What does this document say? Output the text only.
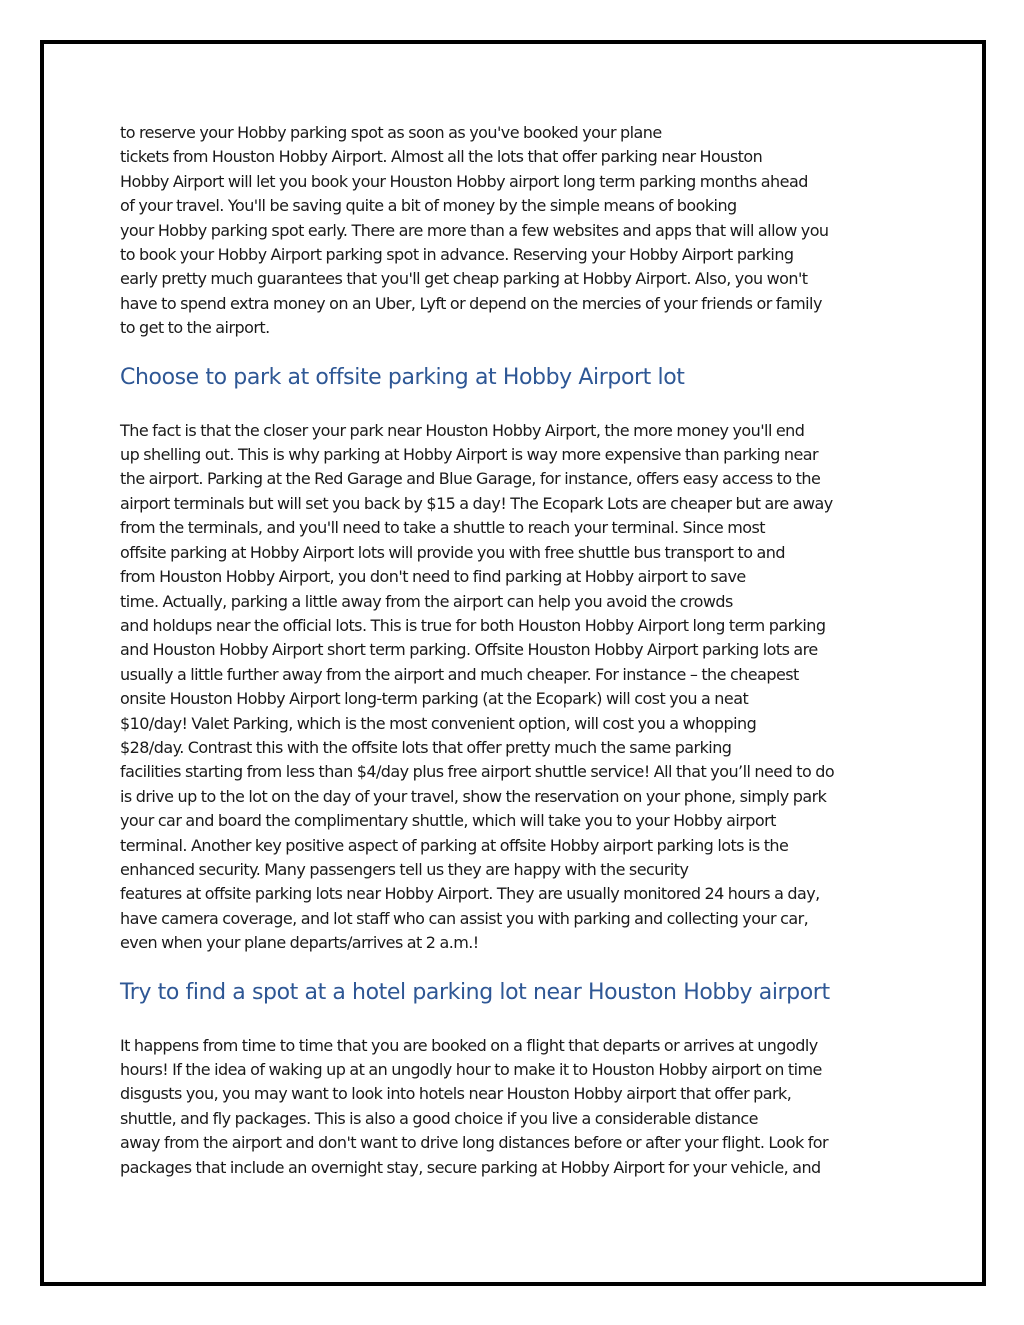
to reserve your Hobby parking spot as soon as you've booked your plane
tickets from Houston Hobby Airport. Almost all the lots that offer parking near Houston
Hobby Airport will let you book your Houston Hobby airport long term parking months ahead
of your travel. You'll be saving quite a bit of money by the simple means of booking
your Hobby parking spot early. There are more than a few websites and apps that will allow you
to book your Hobby Airport parking spot in advance. Reserving your Hobby Airport parking
early pretty much guarantees that you'll get cheap parking at Hobby Airport. Also, you won't
have to spend extra money on an Uber, Lyft or depend on the mercies of your friends or family
to get to the airport.

Choose to park at offsite parking at Hobby Airport lot

The fact is that the closer your park near Houston Hobby Airport, the more money you'll end
up shelling out. This is why parking at Hobby Airport is way more expensive than parking near
the airport. Parking at the Red Garage and Blue Garage, for instance, offers easy access to the
airport terminals but will set you back by $15 a day! The Ecopark Lots are cheaper but are away
from the terminals, and you'll need to take a shuttle to reach your terminal. Since most
offsite parking at Hobby Airport lots will provide you with free shuttle bus transport to and
from Houston Hobby Airport, you don't need to find parking at Hobby airport to save
time. Actually, parking a little away from the airport can help you avoid the crowds
and holdups near the official lots. This is true for both Houston Hobby Airport long term parking
and Houston Hobby Airport short term parking. Offsite Houston Hobby Airport parking lots are
usually a little further away from the airport and much cheaper. For instance – the cheapest
onsite Houston Hobby Airport long-term parking (at the Ecopark) will cost you a neat
$10/day! Valet Parking, which is the most convenient option, will cost you a whopping
$28/day. Contrast this with the offsite lots that offer pretty much the same parking
facilities starting from less than $4/day plus free airport shuttle service! All that you’ll need to do
is drive up to the lot on the day of your travel, show the reservation on your phone, simply park
your car and board the complimentary shuttle, which will take you to your Hobby airport
terminal. Another key positive aspect of parking at offsite Hobby airport parking lots is the
enhanced security. Many passengers tell us they are happy with the security
features at offsite parking lots near Hobby Airport. They are usually monitored 24 hours a day,
have camera coverage, and lot staff who can assist you with parking and collecting your car,
even when your plane departs/arrives at 2 a.m.!

Try to find a spot at a hotel parking lot near Houston Hobby airport

It happens from time to time that you are booked on a flight that departs or arrives at ungodly
hours! If the idea of waking up at an ungodly hour to make it to Houston Hobby airport on time
disgusts you, you may want to look into hotels near Houston Hobby airport that offer park,
shuttle, and fly packages. This is also a good choice if you live a considerable distance
away from the airport and don't want to drive long distances before or after your flight. Look for
packages that include an overnight stay, secure parking at Hobby Airport for your vehicle, and
